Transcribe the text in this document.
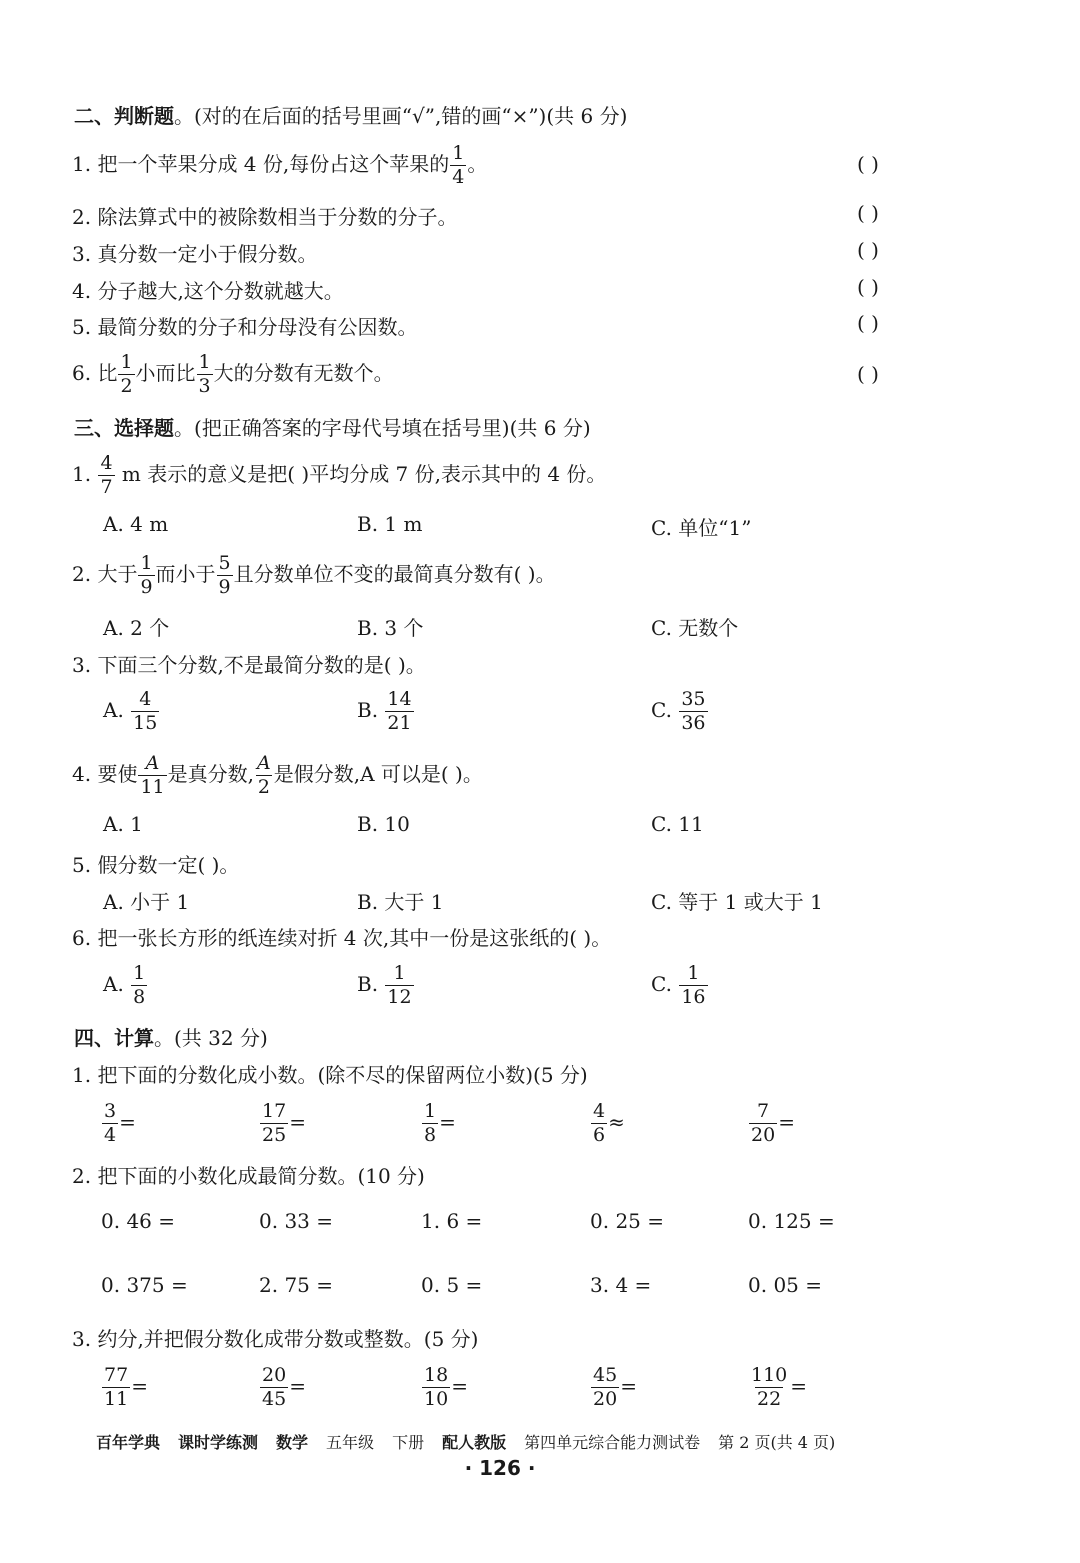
二、判断题。(对的在后面的括号里画“√”,错的画“×”)(共 6 分)
1. 把一个苹果分成 4 份,每份占这个苹果的 $\frac{1}{4}$ 。	( )
2. 除法算式中的被除数相当于分数的分子。	( )
3. 真分数一定小于假分数。	( )
4. 分子越大,这个分数就越大。	( )
5. 最简分数的分子和分母没有公因数。	( )
6. 比 $\frac{1}{2}$ 小而比 $\frac{1}{3}$ 大的分数有无数个。	( )
三、选择题。(把正确答案的字母代号填在括号里)(共 6 分)
1. $\frac{4}{7}$ m 表示的意义是把( )平均分成 7 份,表示其中的 4 份。
A. 4 m	B. 1 m	C. 单位“1”
2. 大于 $\frac{1}{9}$ 而小于 $\frac{5}{9}$ 且分数单位不变的最简真分数有( )。
A. 2 个	B. 3 个	C. 无数个
3. 下面三个分数,不是最简分数的是( )。
A. $\frac{4}{15}$	B. $\frac{14}{21}$	C. $\frac{35}{36}$
4. 要使 $\frac{A}{11}$ 是真分数, $\frac{A}{2}$ 是假分数,A 可以是( )。
A. 1	B. 10	C. 11
5. 假分数一定( )。
A. 小于 1	B. 大于 1	C. 等于 1 或大于 1
6. 把一张长方形的纸连续对折 4 次,其中一份是这张纸的( )。
A. $\frac{1}{8}$	B. $\frac{1}{12}$	C. $\frac{1}{16}$
四、计算。(共 32 分)
1. 把下面的分数化成小数。(除不尽的保留两位小数)(5 分)
$\frac{3}{4}$ =	$\frac{17}{25}$ =	$\frac{1}{8}$ =	$\frac{4}{6}$ ≈	$\frac{7}{20}$ =
2. 把下面的小数化成最简分数。(10 分)
0. 46 =	0. 33 =	1. 6 =	0. 25 =	0. 125 =
0. 375 =	2. 75 =	0. 5 =	3. 4 =	0. 05 =
3. 约分,并把假分数化成带分数或整数。(5 分)
$\frac{77}{11}$ =	$\frac{20}{45}$ =	$\frac{18}{10}$ =	$\frac{45}{20}$ =	$\frac{110}{22}$ =
百年学典 课时学练测 数学 五年级 下册 配人教版 第四单元综合能力测试卷 第 2 页(共 4 页)
· 126 ·
